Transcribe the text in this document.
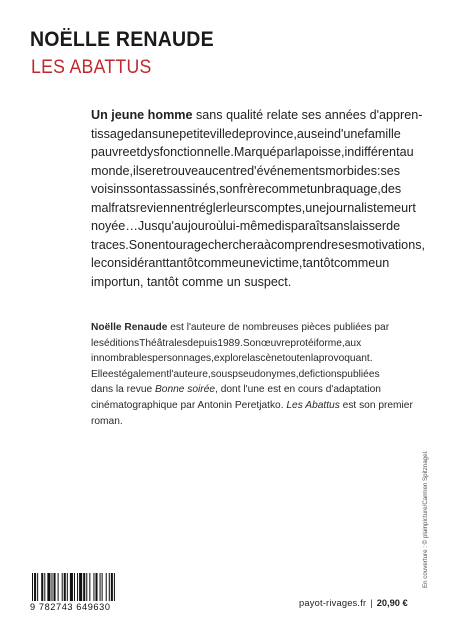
NOËLLE RENAUDE
LES ABATTUS
Un jeune homme sans qualité relate ses années d'appren-
tissage dans une petite ville de province, au sein d'une famille
pauvre et dysfonctionnelle. Marqué par la poisse, indifférent au
monde, il se retrouve au centre d'événements morbides : ses
voisins sont assassinés, son frère commet un braquage, des
malfrats reviennent régler leurs comptes, une journaliste meurt
noyée… Jusqu'au jour où lui-même disparaît sans laisser de
traces. Son entourage cherchera à comprendre ses motivations,
le considérant tantôt comme une victime, tantôt comme un
importun, tantôt comme un suspect.
Noëlle Renaude est l'auteure de nombreuses pièces publiées par
les éditions Théâtrales depuis 1989. Son œuvre protéiforme, aux
innombrables personnages, explore la scène tout en la provoquant.
Elle est également l'auteure, sous pseudonymes, de fictions publiées
dans la revue Bonne soirée , dont l'une est en cours d'adaptation
cinématographique par Antonin Peretjatko. Les Abattus est son premier
roman.
En couverture : © plainpicture/Carmen Spitznagel.
9 782743 649630	payot-rivages.fr | 20,90 €
